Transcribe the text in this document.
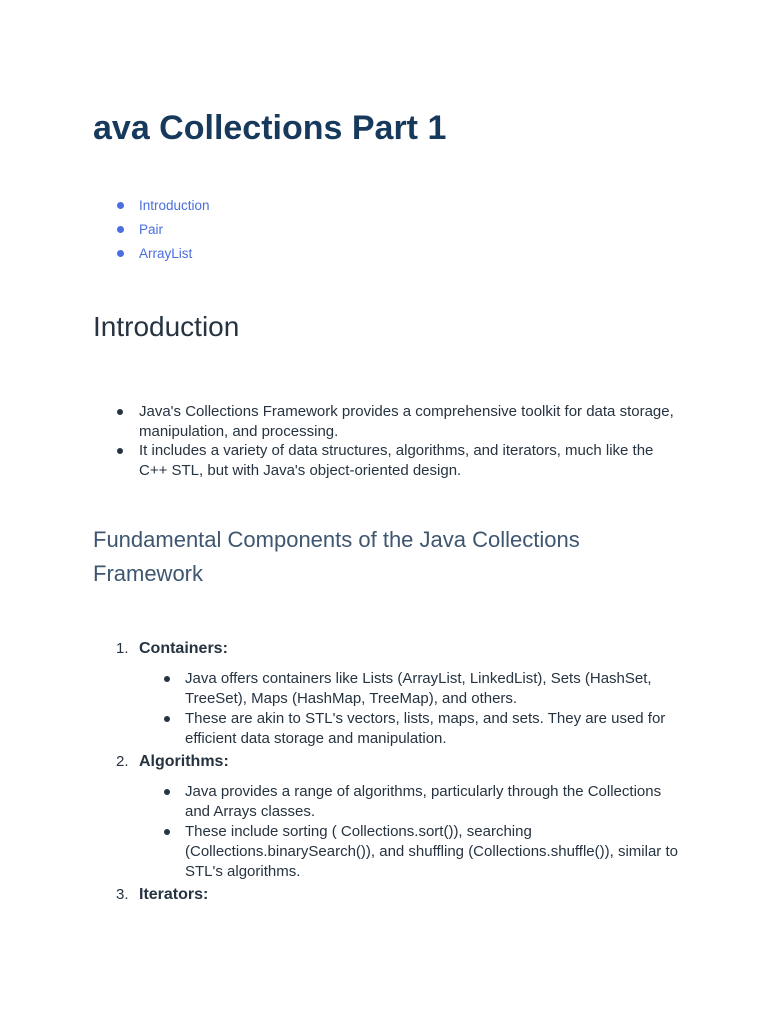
ava Collections Part 1
Introduction
Pair
ArrayList
Introduction
Java's Collections Framework provides a comprehensive toolkit for data storage, manipulation, and processing.
It includes a variety of data structures, algorithms, and iterators, much like the C++ STL, but with Java's object-oriented design.
Fundamental Components of the Java Collections Framework
1. Containers:
Java offers containers like Lists (ArrayList, LinkedList), Sets (HashSet, TreeSet), Maps (HashMap, TreeMap), and others.
These are akin to STL's vectors, lists, maps, and sets. They are used for efficient data storage and manipulation.
2. Algorithms:
Java provides a range of algorithms, particularly through the Collections and Arrays classes.
These include sorting ( Collections.sort()), searching (Collections.binarySearch()), and shuffling (Collections.shuffle()), similar to STL's algorithms.
3. Iterators:
